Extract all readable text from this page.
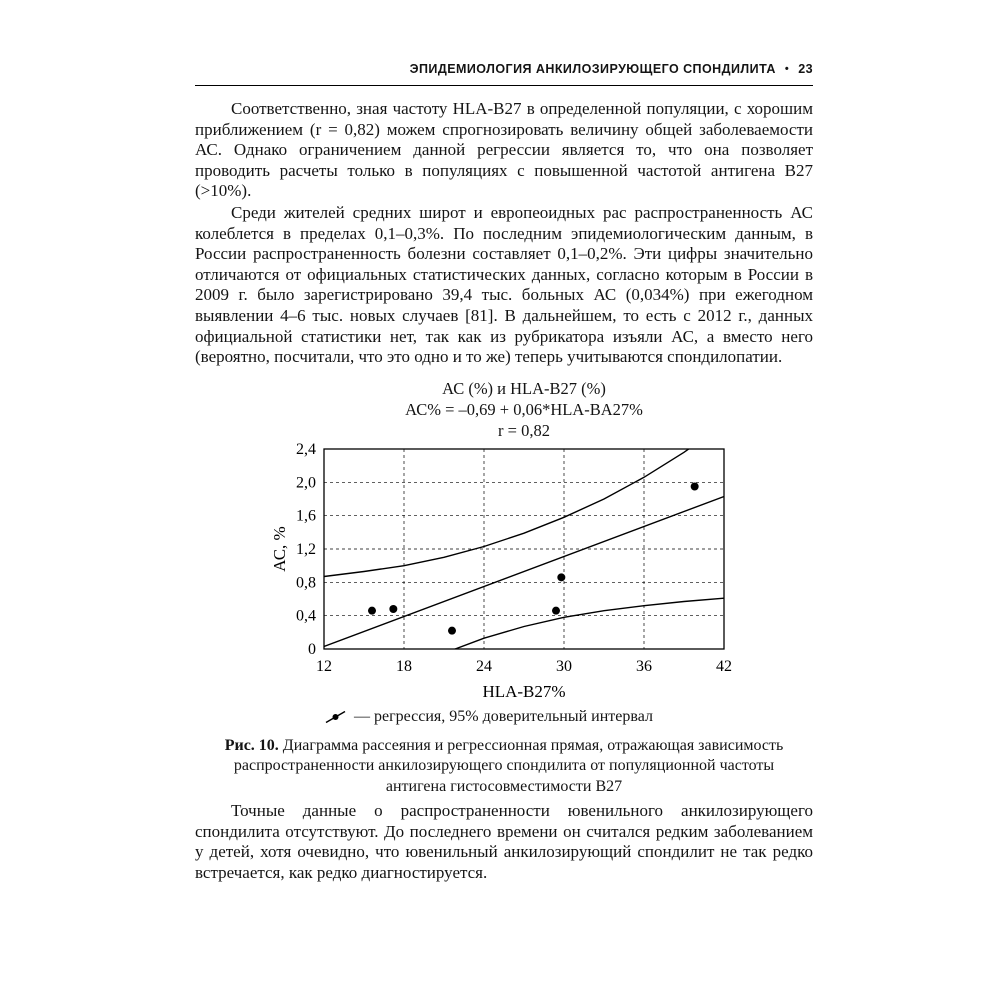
ЭПИДЕМИОЛОГИЯ АНКИЛОЗИРУЮЩЕГО СПОНДИЛИТА • 23

Соответственно, зная частоту HLA-B27 в определенной популяции, с хорошим приближением (r = 0,82) можем спрогнозировать величину общей заболеваемости АС. Однако ограничением данной регрессии является то, что она позволяет проводить расчеты только в популяциях с повышенной частотой антигена В27 (>10%).

Среди жителей средних широт и европеоидных рас распространенность АС колеблется в пределах 0,1–0,3%. По последним эпидемиологическим данным, в России распространенность болезни составляет 0,1–0,2%. Эти цифры значительно отличаются от официальных статистических данных, согласно которым в России в 2009 г. было зарегистрировано 39,4 тыс. больных АС (0,034%) при ежегодном выявлении 4–6 тыс. новых случаев [81]. В дальнейшем, то есть с 2012 г., данных официальной статистики нет, так как из рубрикатора изъяли АС, а вместо него (вероятно, посчитали, что это одно и то же) теперь учитываются спондилопатии.

АС (%) и HLA-B27 (%)
АС% = –0,69 + 0,06*HLA-BA27%
r = 0,82
12	18	24	30	36	42
0
0,4
0,8
1,2
1,6
2,0
2,4
HLA-B27%
АС, %
— регрессия, 95% доверительный интервал
Рис. 10. Диаграмма рассеяния и регрессионная прямая, отражающая зависимость распространенности анкилозирующего спондилита от популяционной частоты антигена гистосовместимости В27

Точные данные о распространенности ювенильного анкилозирующего спондилита отсутствуют. До последнего времени он считался редким заболеванием у детей, хотя очевидно, что ювенильный анкилозирующий спондилит не так редко встречается, как редко диагностируется.
